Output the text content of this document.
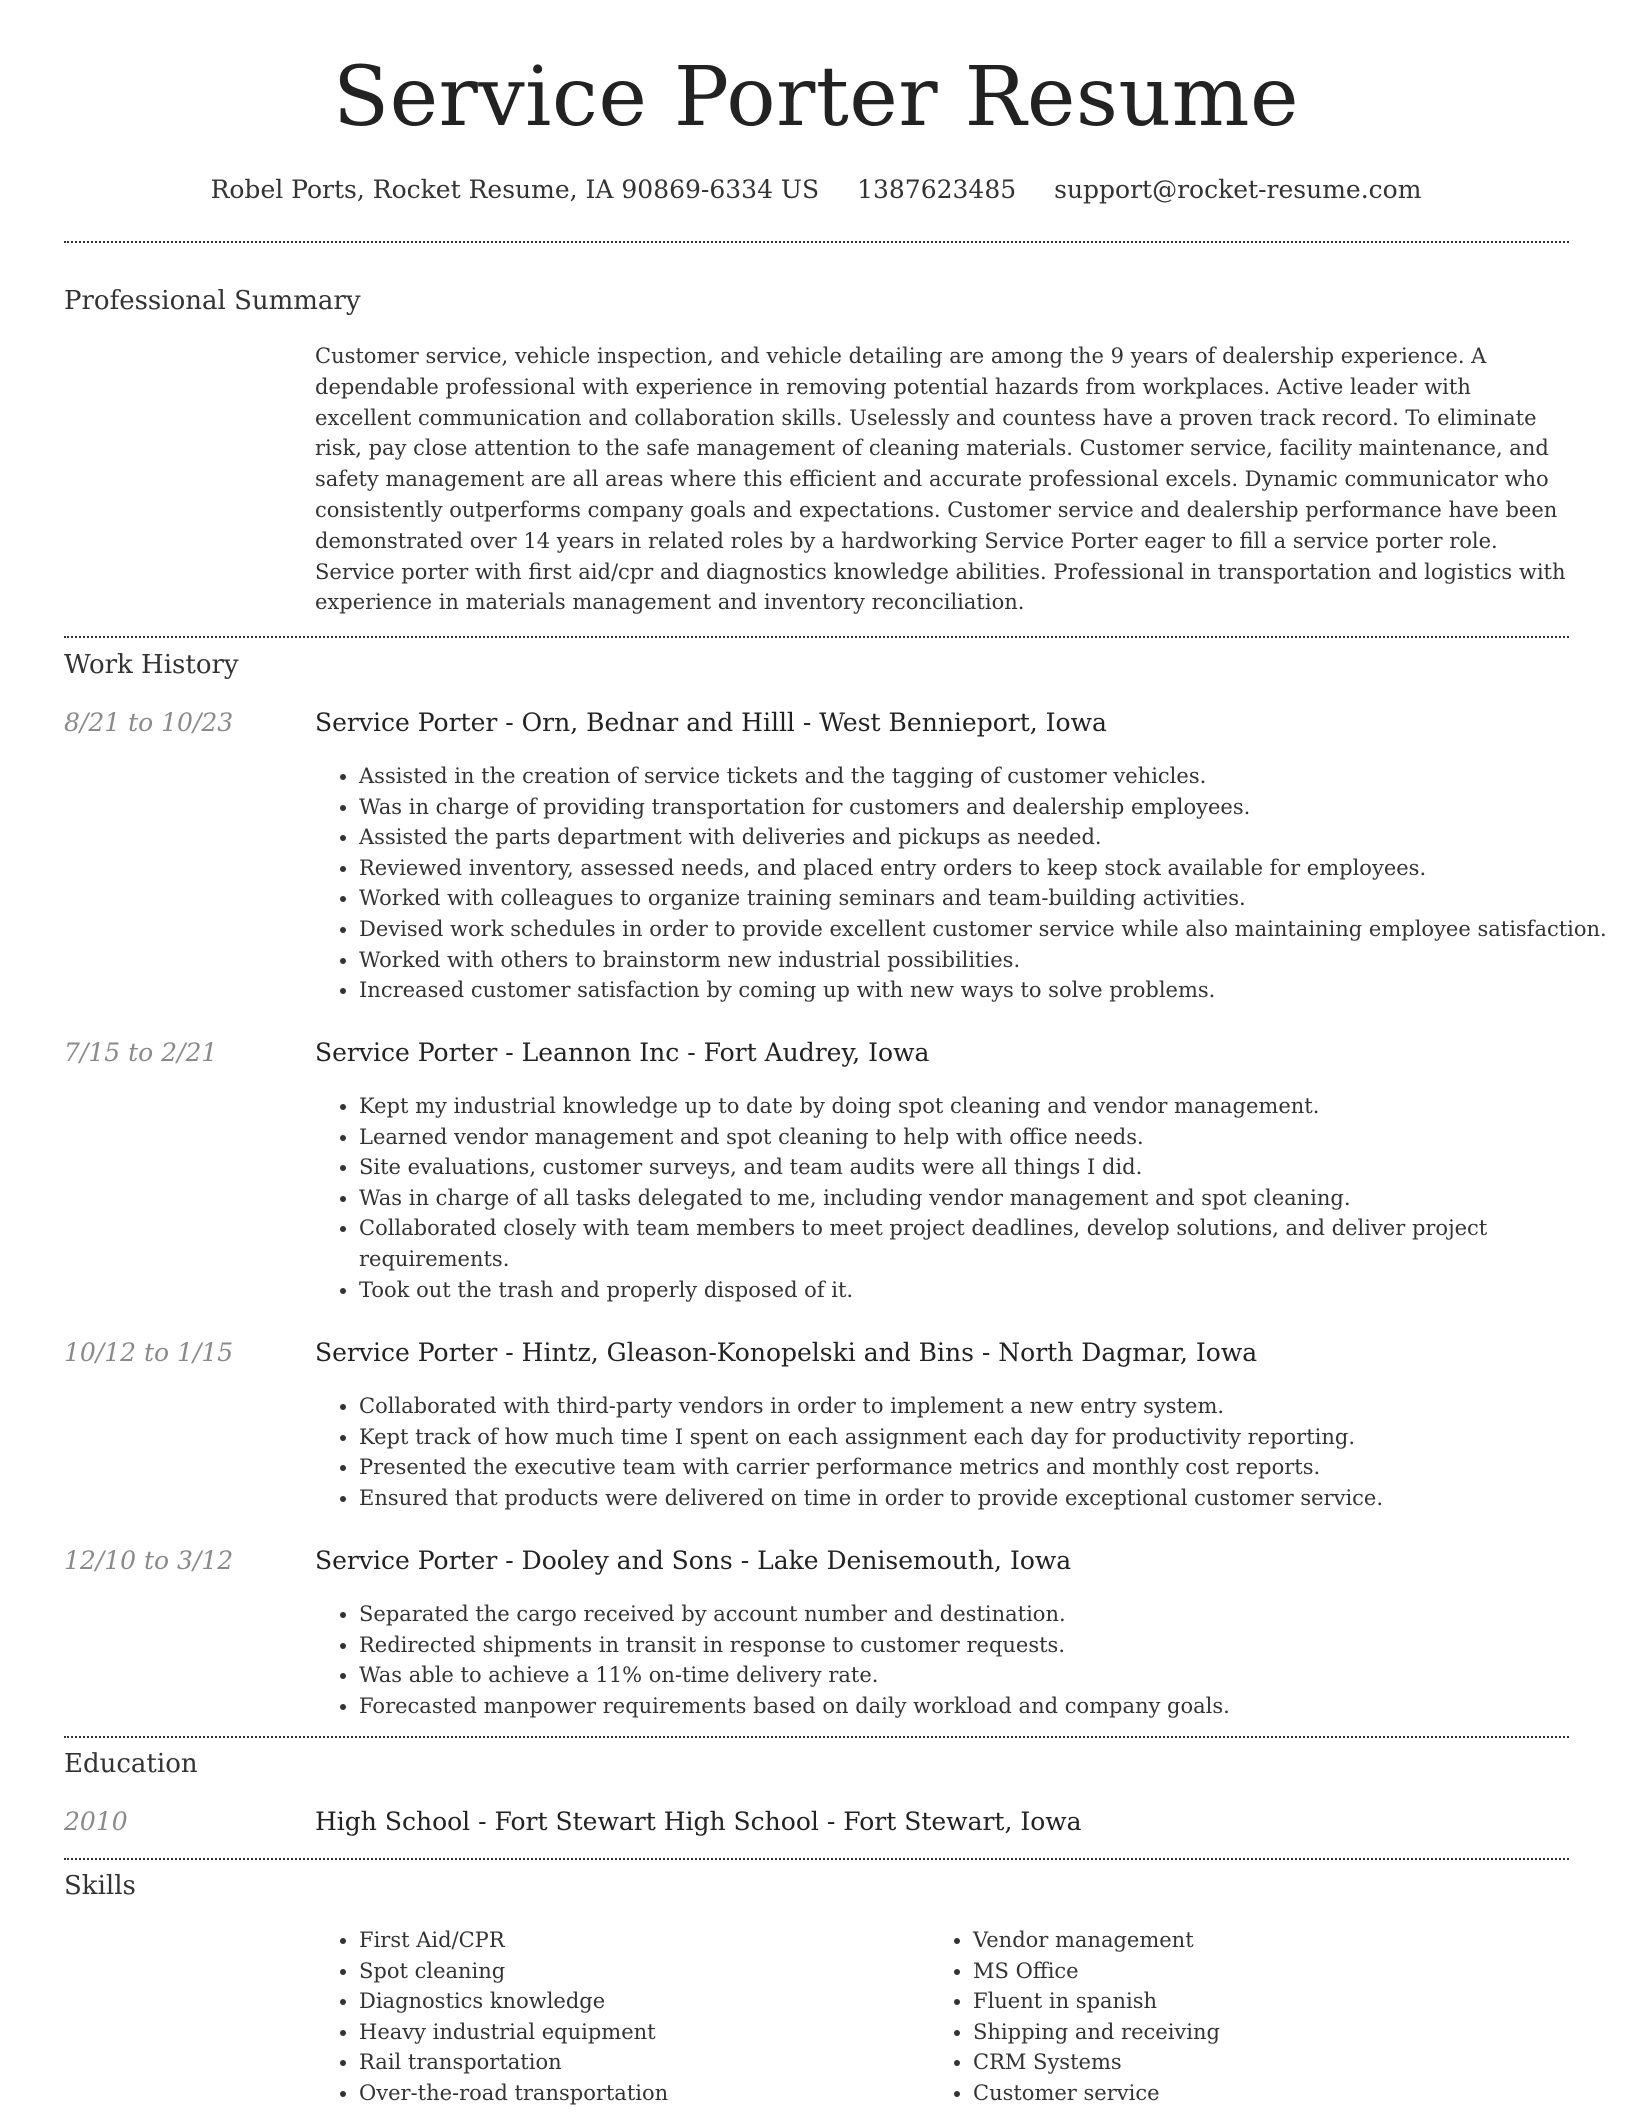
Service Porter Resume
Robel Ports, Rocket Resume, IA 90869-6334 US 1387623485 support@rocket-resume.com
Professional Summary
Customer service, vehicle inspection, and vehicle detailing are among the 9 years of dealership experience. A dependable professional with experience in removing potential hazards from workplaces. Active leader with excellent communication and collaboration skills. Uselessly and countess have a proven track record. To eliminate risk, pay close attention to the safe management of cleaning materials. Customer service, facility maintenance, and safety management are all areas where this efficient and accurate professional excels. Dynamic communicator who consistently outperforms company goals and expectations. Customer service and dealership performance have been demonstrated over 14 years in related roles by a hardworking Service Porter eager to fill a service porter role. Service porter with first aid/cpr and diagnostics knowledge abilities. Professional in transportation and logistics with experience in materials management and inventory reconciliation.
Work History
8/21 to 10/23	Service Porter - Orn, Bednar and Hilll - West Bennieport, Iowa
• Assisted in the creation of service tickets and the tagging of customer vehicles.
• Was in charge of providing transportation for customers and dealership employees.
• Assisted the parts department with deliveries and pickups as needed.
• Reviewed inventory, assessed needs, and placed entry orders to keep stock available for employees.
• Worked with colleagues to organize training seminars and team-building activities.
• Devised work schedules in order to provide excellent customer service while also maintaining employee satisfaction.
• Worked with others to brainstorm new industrial possibilities.
• Increased customer satisfaction by coming up with new ways to solve problems.
7/15 to 2/21	Service Porter - Leannon Inc - Fort Audrey, Iowa
• Kept my industrial knowledge up to date by doing spot cleaning and vendor management.
• Learned vendor management and spot cleaning to help with office needs.
• Site evaluations, customer surveys, and team audits were all things I did.
• Was in charge of all tasks delegated to me, including vendor management and spot cleaning.
• Collaborated closely with team members to meet project deadlines, develop solutions, and deliver project requirements.
• Took out the trash and properly disposed of it.
10/12 to 1/15	Service Porter - Hintz, Gleason-Konopelski and Bins - North Dagmar, Iowa
• Collaborated with third-party vendors in order to implement a new entry system.
• Kept track of how much time I spent on each assignment each day for productivity reporting.
• Presented the executive team with carrier performance metrics and monthly cost reports.
• Ensured that products were delivered on time in order to provide exceptional customer service.
12/10 to 3/12	Service Porter - Dooley and Sons - Lake Denisemouth, Iowa
• Separated the cargo received by account number and destination.
• Redirected shipments in transit in response to customer requests.
• Was able to achieve a 11% on-time delivery rate.
• Forecasted manpower requirements based on daily workload and company goals.
Education
2010	High School - Fort Stewart High School - Fort Stewart, Iowa
Skills
• First Aid/CPR
• Spot cleaning
• Diagnostics knowledge
• Heavy industrial equipment
• Rail transportation
• Over-the-road transportation
• Vendor management
• MS Office
• Fluent in spanish
• Shipping and receiving
• CRM Systems
• Customer service
